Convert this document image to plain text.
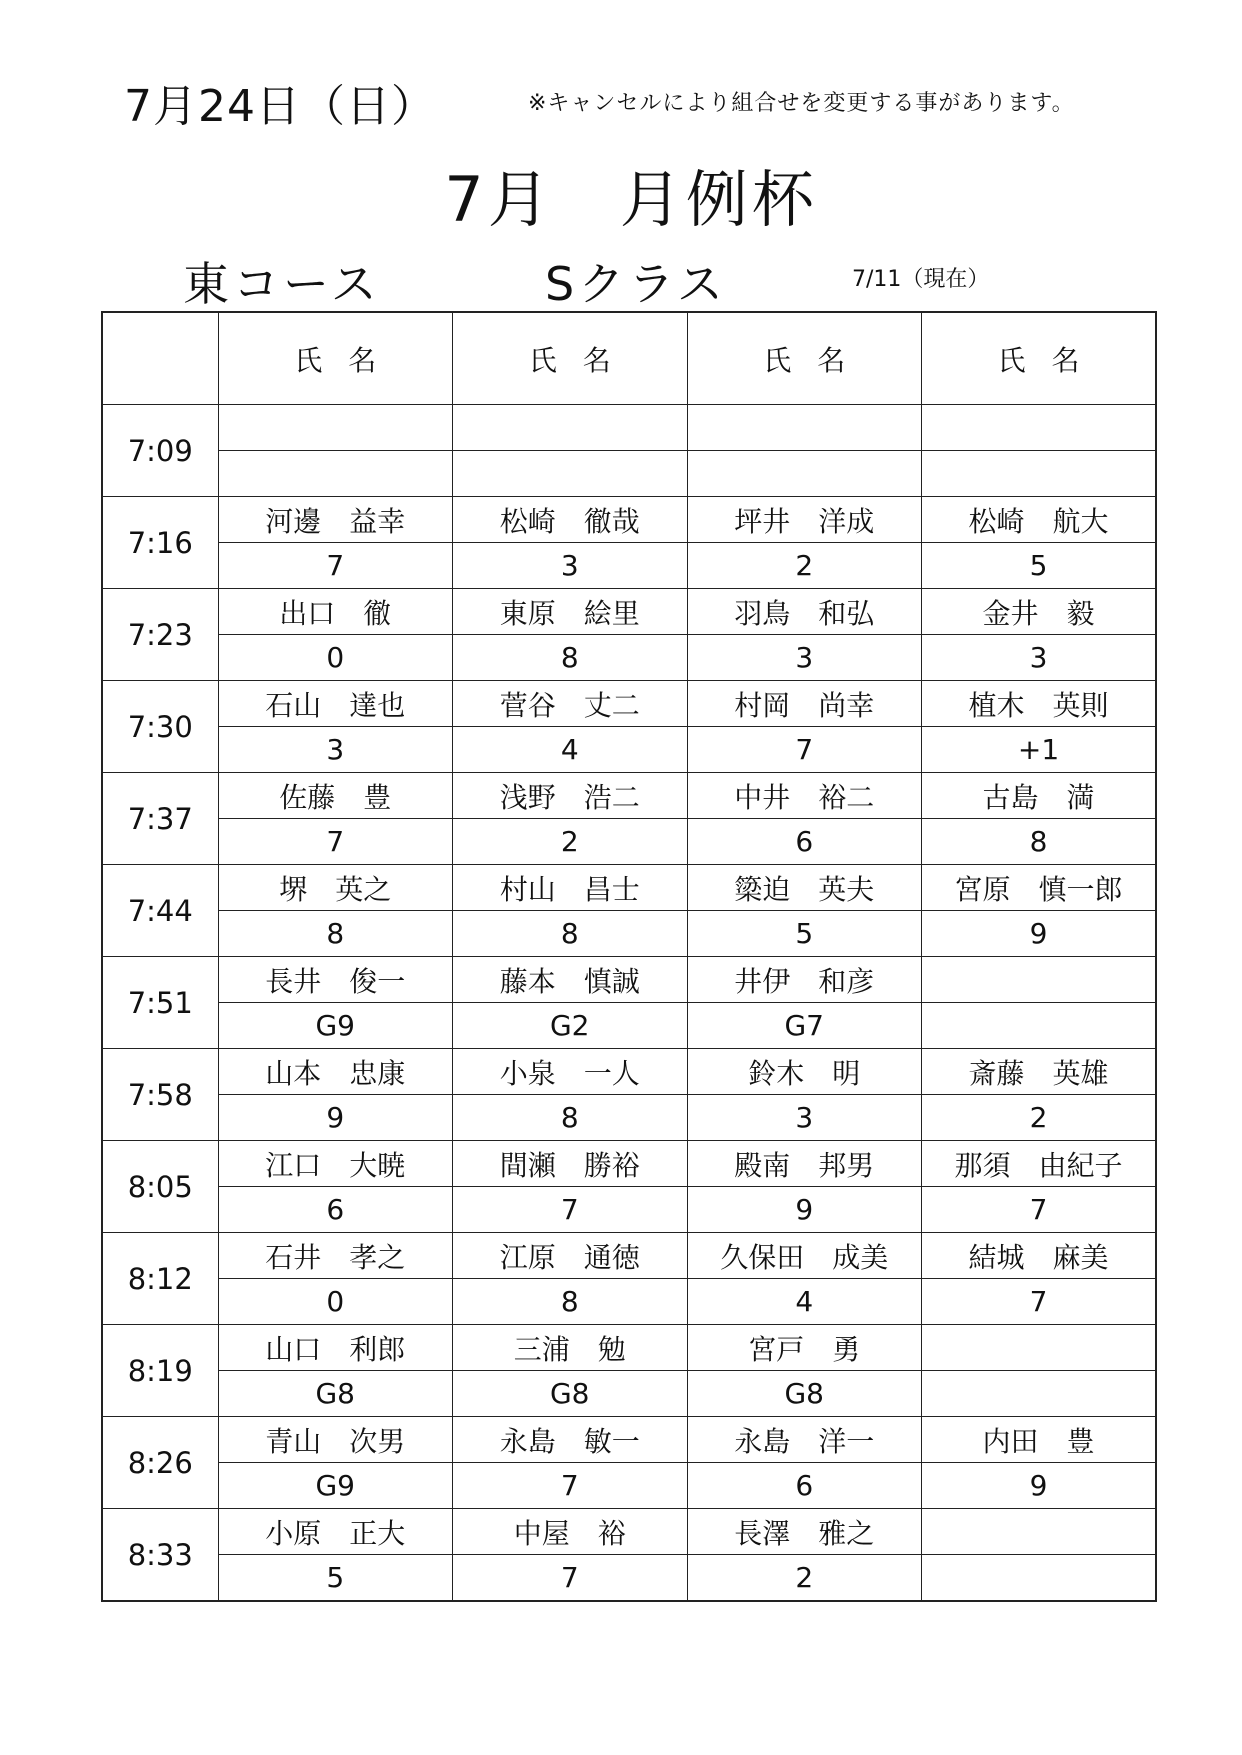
7月24日（日）	※キャンセルにより組合せを変更する事があります。
7月　月例杯
東コース	Sクラス	7/11（現在）
	氏名	氏名	氏名	氏名
7:09				

7:16	河邊　益幸	松崎　徹哉	坪井　洋成	松崎　航大
	7	3	2	5
7:23	出口　徹	東原　絵里	羽鳥　和弘	金井　毅
	0	8	3	3
7:30	石山　達也	菅谷　丈二	村岡　尚幸	植木　英則
	3	4	7	+1
7:37	佐藤　豊	浅野　浩二	中井　裕二	古島　満
	7	2	6	8
7:44	堺　英之	村山　昌士	簗迫　英夫	宮原　慎一郎
	8	8	5	9
7:51	長井　俊一	藤本　慎誠	井伊　和彦	
	G9	G2	G7	
7:58	山本　忠康	小泉　一人	鈴木　明	斎藤　英雄
	9	8	3	2
8:05	江口　大暁	間瀬　勝裕	殿南　邦男	那須　由紀子
	6	7	9	7
8:12	石井　孝之	江原　通徳	久保田　成美	結城　麻美
	0	8	4	7
8:19	山口　利郎	三浦　勉	宮戸　勇	
	G8	G8	G8	
8:26	青山　次男	永島　敏一	永島　洋一	内田　豊
	G9	7	6	9
8:33	小原　正大	中屋　裕	長澤　雅之	
	5	7	2	
